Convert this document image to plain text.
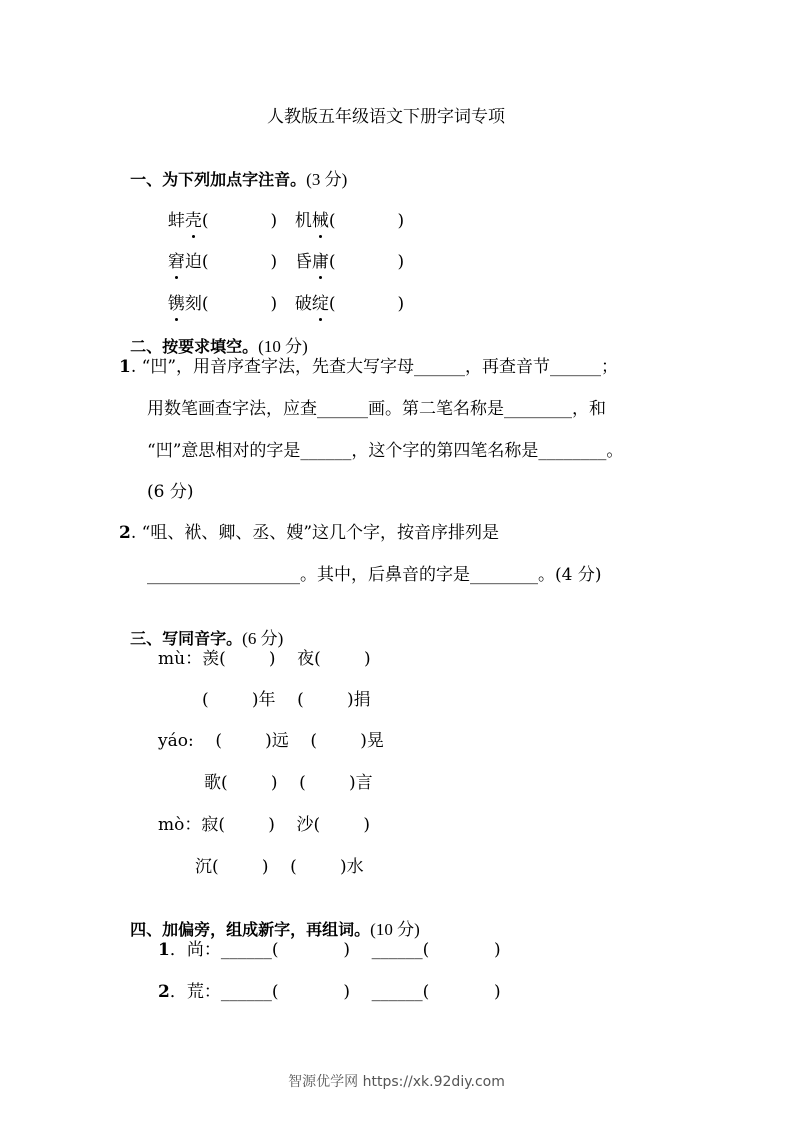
人教版五年级语文下册字词专项

一、为下列加点字注音。(3 分)

蚌壳(	)	机械(	)

窘迫(	)	昏庸(	)

镌刻(	)	破绽(	)

二、按要求填空。(10 分)

1. “凹”，用音序查字法，先查大写字母______，再查音节______；
用数笔画查字法，应查______画。第二笔名称是________，和
“凹”意思相对的字是______，这个字的第四笔名称是________。
(6 分)
2. “咀、袱、卿、丞、嫂”这几个字，按音序排列是
__________________。其中，后鼻音的字是________。(4 分)

三、写同音字。(6 分)

mù：羡(        )    夜(        )
(        )年    (        )捐
yáo:    (        )远    (        )晃
歌(        )    (        )言
mò：寂(        )    沙(        )
沉(        )    (        )水

四、加偏旁，组成新字，再组词。(10 分)

1．尚：______(            )    ______(            )
2．荒：______(            )    ______(            )
智源优学网 https://xk.92diy.com
